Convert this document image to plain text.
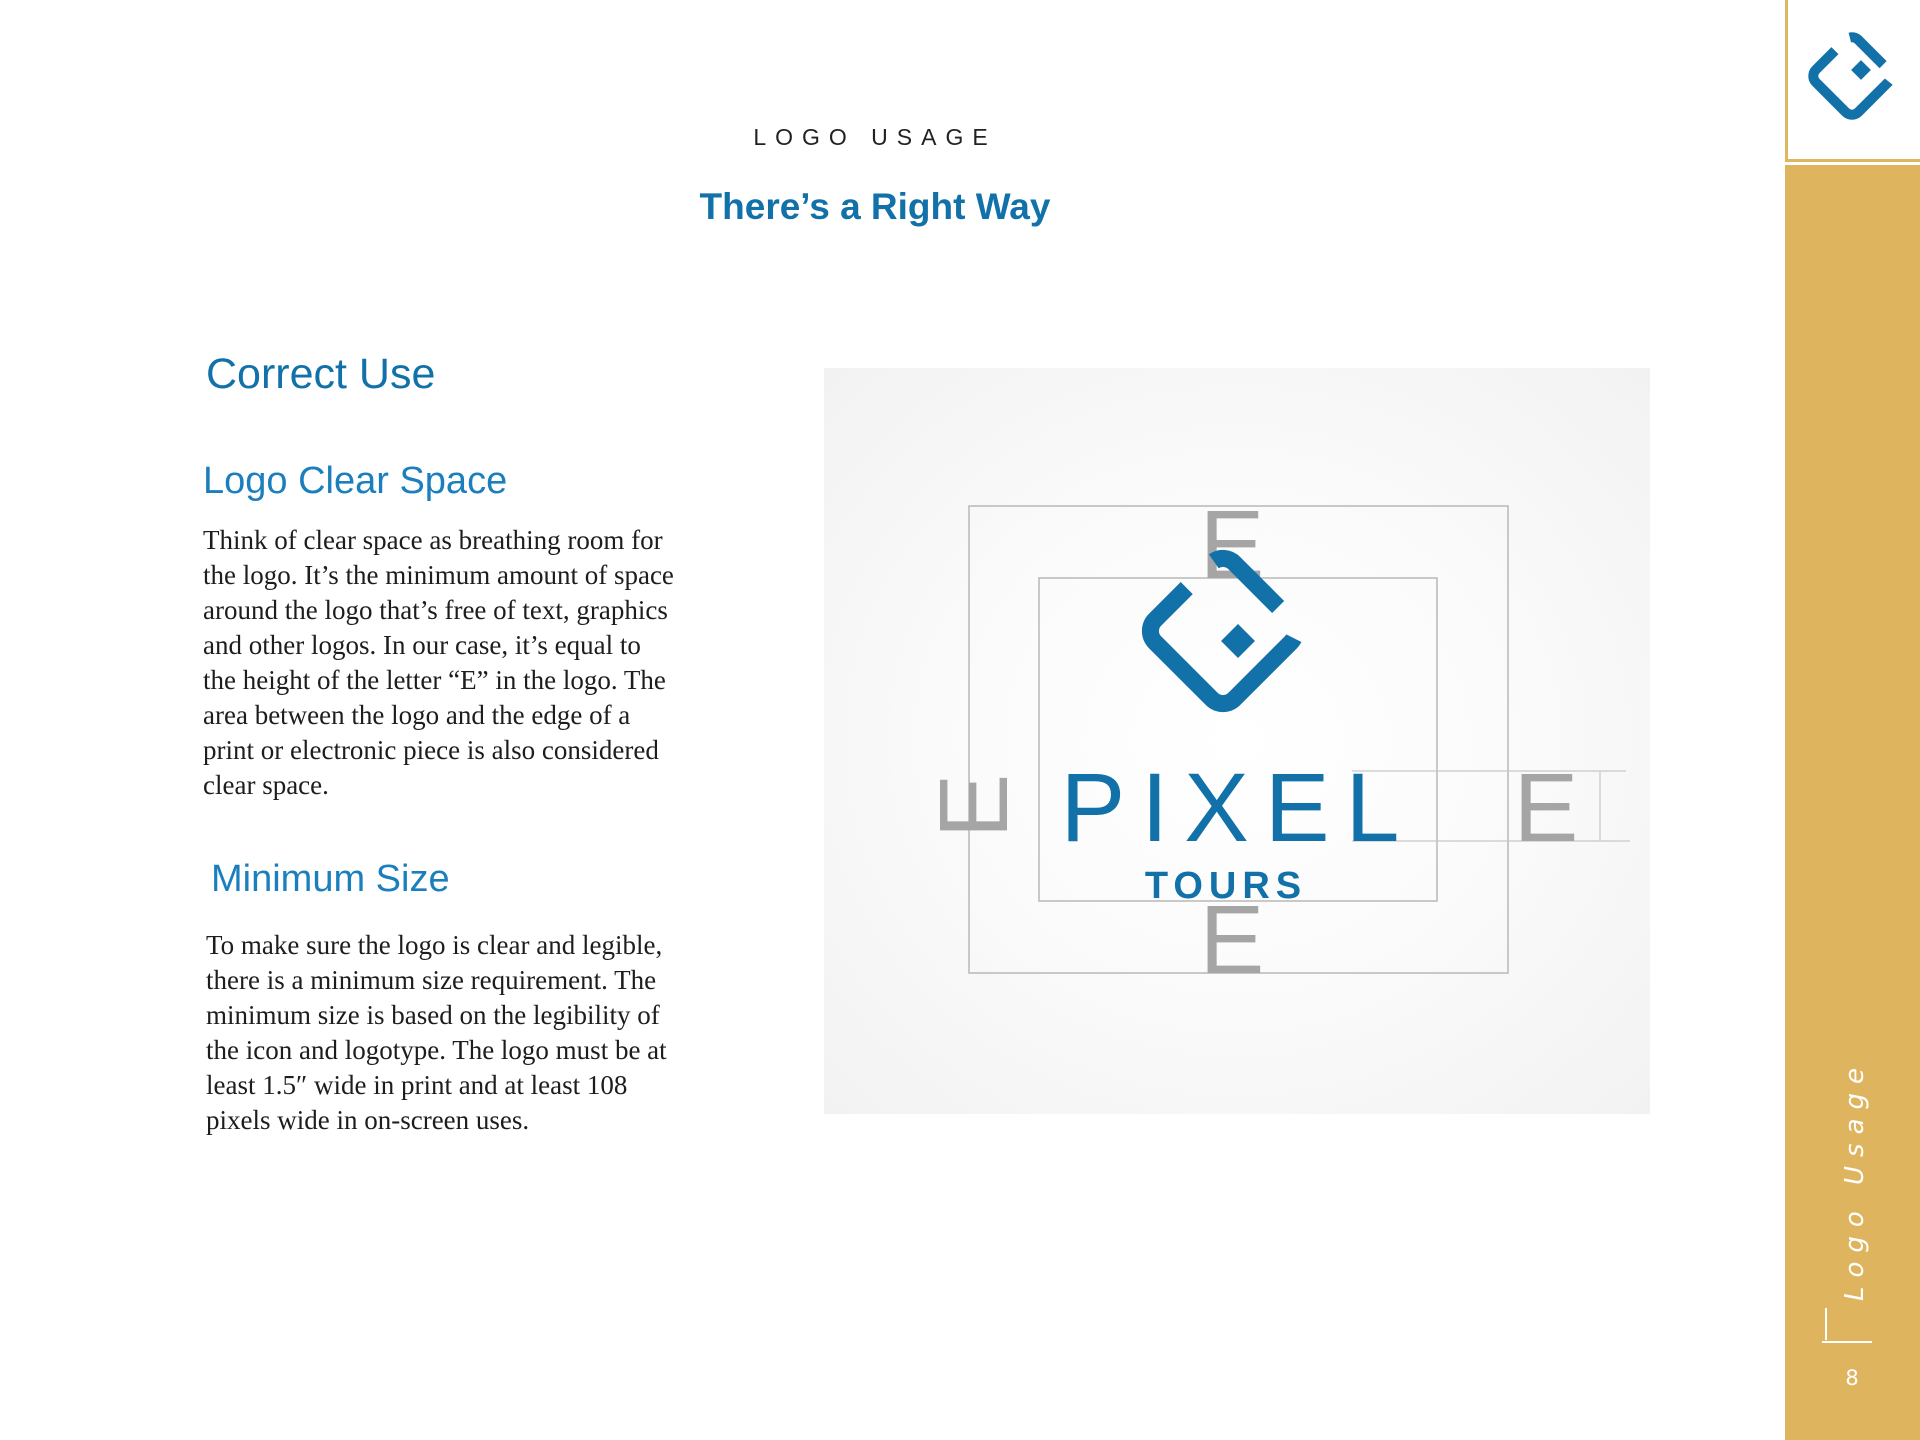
LOGO USAGE
There’s a Right Way
Correct Use
Logo Clear Space
Think of clear space as breathing room for
the logo. It’s the minimum amount of space
around the logo that’s free of text, graphics
and other logos. In our case, it’s equal to
the height of the letter “E” in the logo. The
area between the logo and the edge of a
print or electronic piece is also considered
clear space.
Minimum Size
To make sure the logo is clear and legible,
there is a minimum size requirement. The
minimum size is based on the legibility of
the icon and logotype. The logo must be at
least 1.5″ wide in print and at least 108
pixels wide in on-screen uses.
E
E
E	E
PIXEL
TOURS
Logo Usage
8
